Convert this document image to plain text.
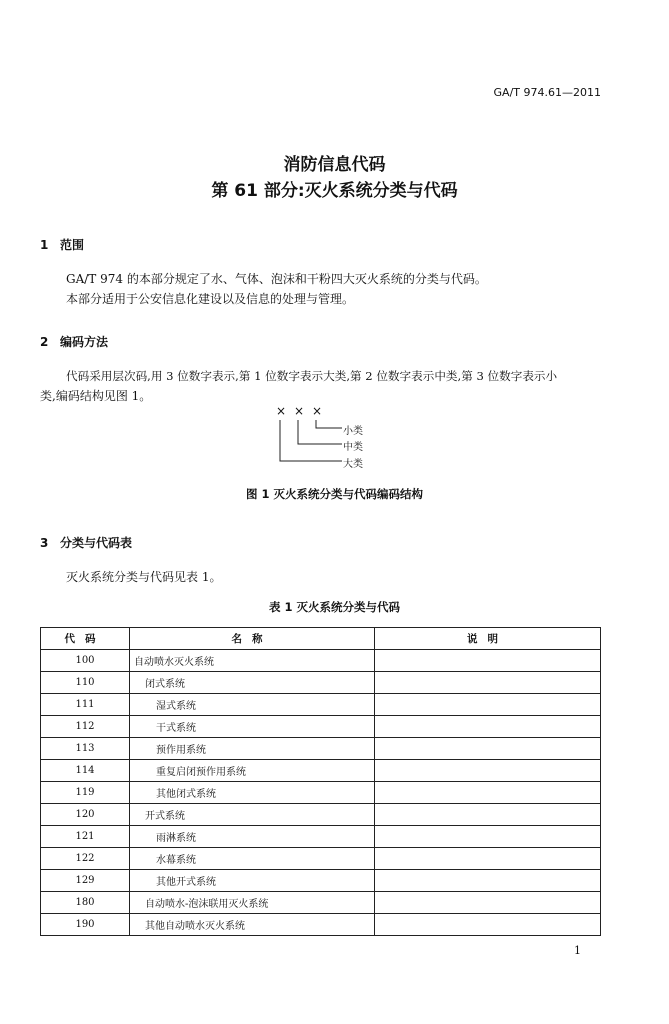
GA/T 974.61—2011
消防信息代码
第 61 部分:灭火系统分类与代码
1 范围
GA/T 974 的本部分规定了水、气体、泡沫和干粉四大灭火系统的分类与代码。
本部分适用于公安信息化建设以及信息的处理与管理。
2 编码方法
代码采用层次码,用 3 位数字表示,第 1 位数字表示大类,第 2 位数字表示中类,第 3 位数字表示小
类,编码结构见图 1。
× × ×
小类
中类
大类
图 1 灭火系统分类与代码编码结构
3 分类与代码表
灭火系统分类与代码见表 1。
表 1 灭火系统分类与代码
代码	名称	说明
100	自动喷水灭火系统	
110	闭式系统	
111	湿式系统	
112	干式系统	
113	预作用系统	
114	重复启闭预作用系统	
119	其他闭式系统	
120	开式系统	
121	雨淋系统	
122	水幕系统	
129	其他开式系统	
180	自动喷水-泡沫联用灭火系统	
190	其他自动喷水灭火系统	
1
